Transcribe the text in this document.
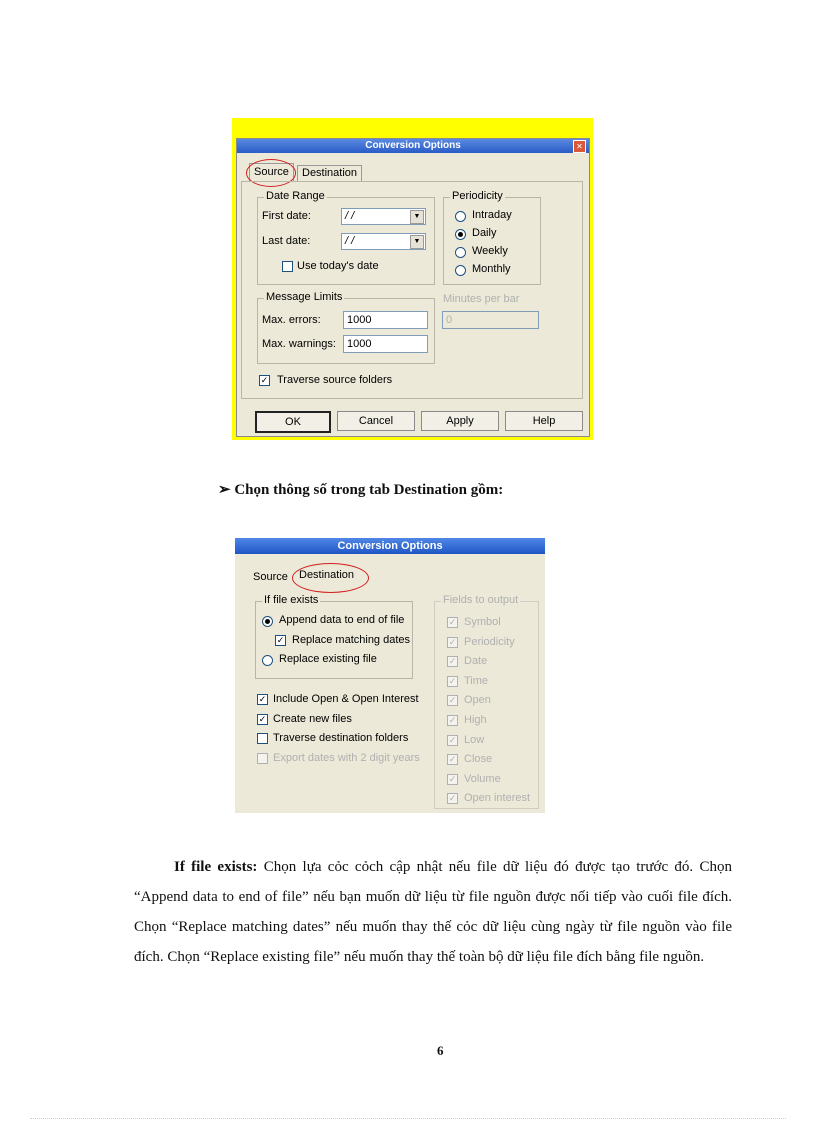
Conversion Options	✕
Source	Destination
Date Range
First date:	/ /	▼
Last date:	/ /	▼
Use today's date
Periodicity
Intraday
Daily
Weekly
Monthly
Message Limits
Max. errors:	1000
Max. warnings:	1000
Minutes per bar
0
✓ Traverse source folders
OK	Cancel	Apply	Help
➢ Chọn thông số trong tab Destination gồm:
Conversion Options
Source Destination
If file exists
Append data to end of file
✓ Replace matching dates
Replace existing file
✓ Include Open & Open Interest
✓ Create new files
Traverse destination folders
Export dates with 2 digit years
Fields to output
✓ Symbol
✓ Periodicity
✓ Date
✓ Time
✓ Open
✓ High
✓ Low
✓ Close
✓ Volume
✓ Open interest
If file exists: Chọn lựa cỏc cỏch cập nhật nếu file dữ liệu đó được tạo trước đó. Chọn “Append data to end of file” nếu bạn muốn dữ liệu từ file nguồn được nối tiếp vào cuối file đích. Chọn “Replace matching dates” nếu muốn thay thế cỏc dữ liệu cùng ngày từ file nguồn vào file đích. Chọn “Replace existing file” nếu muốn thay thế toàn bộ dữ liệu file đích bằng file nguồn.
6
